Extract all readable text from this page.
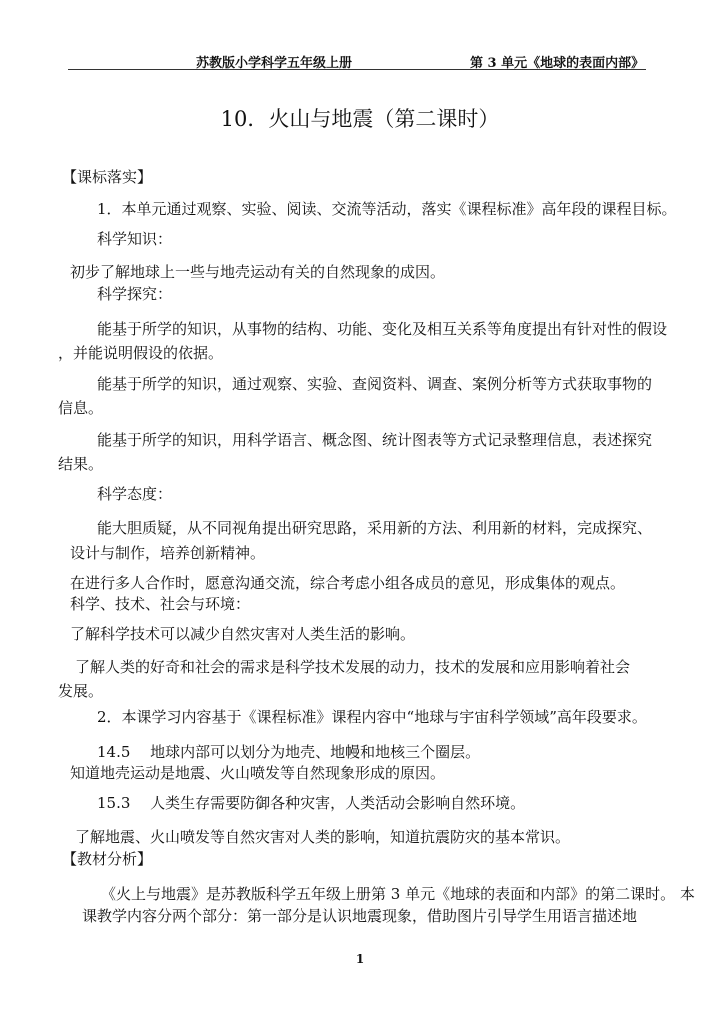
苏教版小学科学五年级上册	第 3 单元《地球的表面内部》
10．火山与地震（第二课时）
【课标落实】
1．本单元通过观察、实验、阅读、交流等活动，落实《课程标准》高年段的课程目标。
科学知识：
初步了解地球上一些与地壳运动有关的自然现象的成因。
科学探究：
能基于所学的知识，从事物的结构、功能、变化及相互关系等角度提出有针对性的假设
，并能说明假设的依据。
能基于所学的知识，通过观察、实验、查阅资料、调查、案例分析等方式获取事物的
信息。
能基于所学的知识，用科学语言、概念图、统计图表等方式记录整理信息，表述探究
结果。
科学态度：
能大胆质疑，从不同视角提出研究思路，采用新的方法、利用新的材料，完成探究、
设计与制作，培养创新精神。
在进行多人合作时，愿意沟通交流，综合考虑小组各成员的意见，形成集体的观点。
科学、技术、社会与环境：
了解科学技术可以减少自然灾害对人类生活的影响。
了解人类的好奇和社会的需求是科学技术发展的动力，技术的发展和应用影响着社会
发展。
2．本课学习内容基于《课程标准》课程内容中“地球与宇宙科学领域”高年段要求。
14.5　 地球内部可以划分为地壳、地幔和地核三个圈层。
知道地壳运动是地震、火山喷发等自然现象形成的原因。
15.3　 人类生存需要防御各种灾害，人类活动会影响自然环境。
了解地震、火山喷发等自然灾害对人类的影响，知道抗震防灾的基本常识。
【教材分析】
《火上与地震》是苏教版科学五年级上册第 3 单元《地球的表面和内部》的第二课时。 本
课教学内容分两个部分：第一部分是认识地震现象，借助图片引导学生用语言描述地
1
